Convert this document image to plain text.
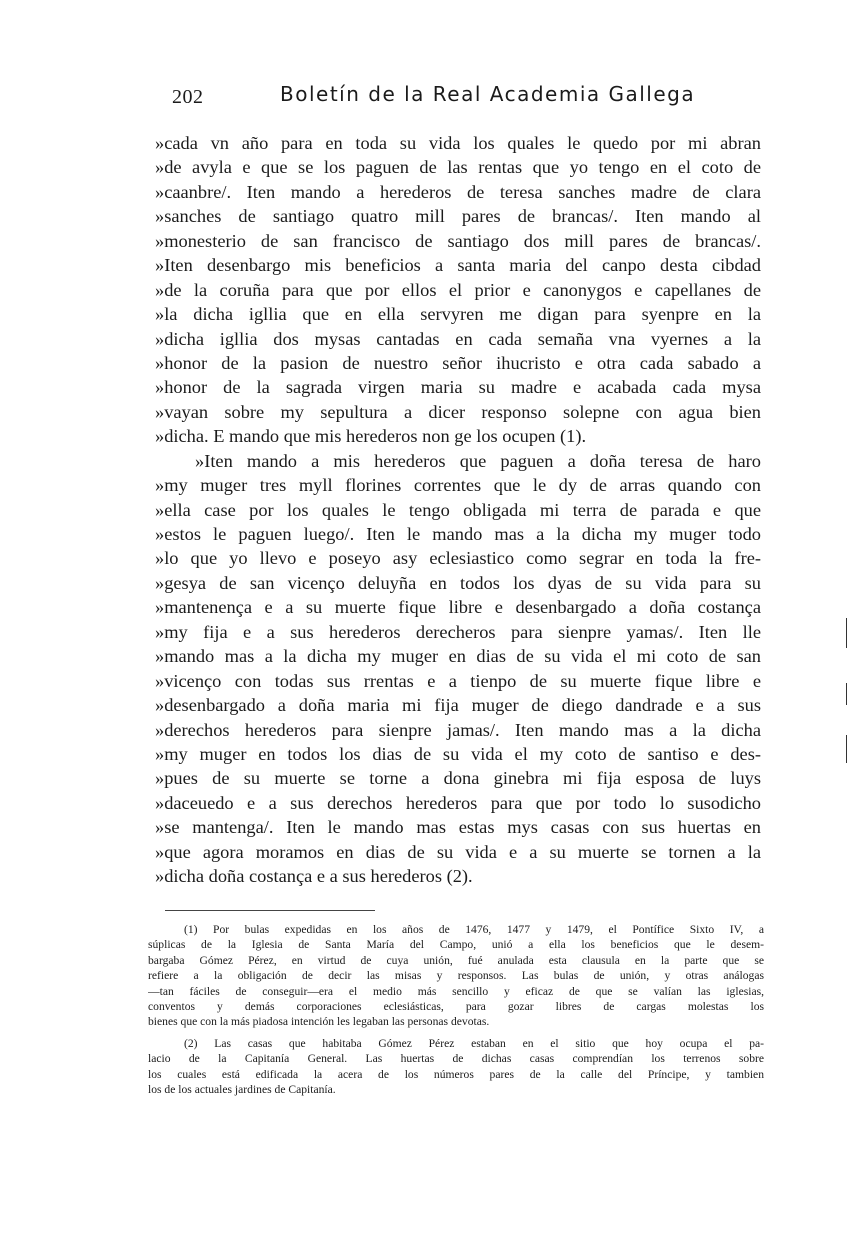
202	Boletín de la Real Academia Gallega
»cada vn año para en toda su vida los quales le quedo por mi abran
»de avyla e que se los paguen de las rentas que yo tengo en el coto de
»caanbre/. Iten mando a herederos de teresa sanches madre de clara
»sanches de santiago quatro mill pares de brancas/. Iten mando al
»monesterio de san francisco de santiago dos mill pares de brancas/.
»Iten desenbargo mis beneficios a santa maria del canpo desta cibdad
»de la coruña para que por ellos el prior e canonygos e capellanes de
»la dicha igllia que en ella servyren me digan para syenpre en la
»dicha igllia dos mysas cantadas en cada semaña vna vyernes a la
»honor de la pasion de nuestro señor ihucristo e otra cada sabado a
»honor de la sagrada virgen maria su madre e acabada cada mysa
»vayan sobre my sepultura a dicer responso solepne con agua bien
»dicha. E mando que mis herederos non ge los ocupen (1).
»Iten mando a mis herederos que paguen a doña teresa de haro
»my muger tres myll florines correntes que le dy de arras quando con
»ella case por los quales le tengo obligada mi terra de parada e que
»estos le paguen luego/. Iten le mando mas a la dicha my muger todo
»lo que yo llevo e poseyo asy eclesiastico como segrar en toda la fre-
»gesya de san vicenço deluyña en todos los dyas de su vida para su
»mantenença e a su muerte fique libre e desenbargado a doña costança
»my fija e a sus herederos derecheros para sienpre yamas/. Iten lle
»mando mas a la dicha my muger en dias de su vida el mi coto de san
»vicenço con todas sus rrentas e a tienpo de su muerte fique libre e
»desenbargado a doña maria mi fija muger de diego dandrade e a sus
»derechos herederos para sienpre jamas/. Iten mando mas a la dicha
»my muger en todos los dias de su vida el my coto de santiso e des-
»pues de su muerte se torne a dona ginebra mi fija esposa de luys
»daceuedo e a sus derechos herederos para que por todo lo susodicho
»se mantenga/. Iten le mando mas estas mys casas con sus huertas en
»que agora moramos en dias de su vida e a su muerte se tornen a la
»dicha doña costança e a sus herederos (2).
(1) Por bulas expedidas en los años de 1476, 1477 y 1479, el Pontífice Sixto IV, a
súplicas de la Iglesia de Santa María del Campo, unió a ella los beneficios que le desem-
bargaba Gómez Pérez, en virtud de cuya unión, fué anulada esta clausula en la parte que se
refiere a la obligación de decir las misas y responsos. Las bulas de unión, y otras análogas
—tan fáciles de conseguir—era el medio más sencillo y eficaz de que se valían las iglesias,
conventos y demás corporaciones eclesiásticas, para gozar libres de cargas molestas los
bienes que con la más piadosa intención les legaban las personas devotas.
(2) Las casas que habitaba Gómez Pérez estaban en el sitio que hoy ocupa el pa-
lacio de la Capitanía General. Las huertas de dichas casas comprendían los terrenos sobre
los cuales está edificada la acera de los números pares de la calle del Príncipe, y tambien
los de los actuales jardines de Capitanía.
